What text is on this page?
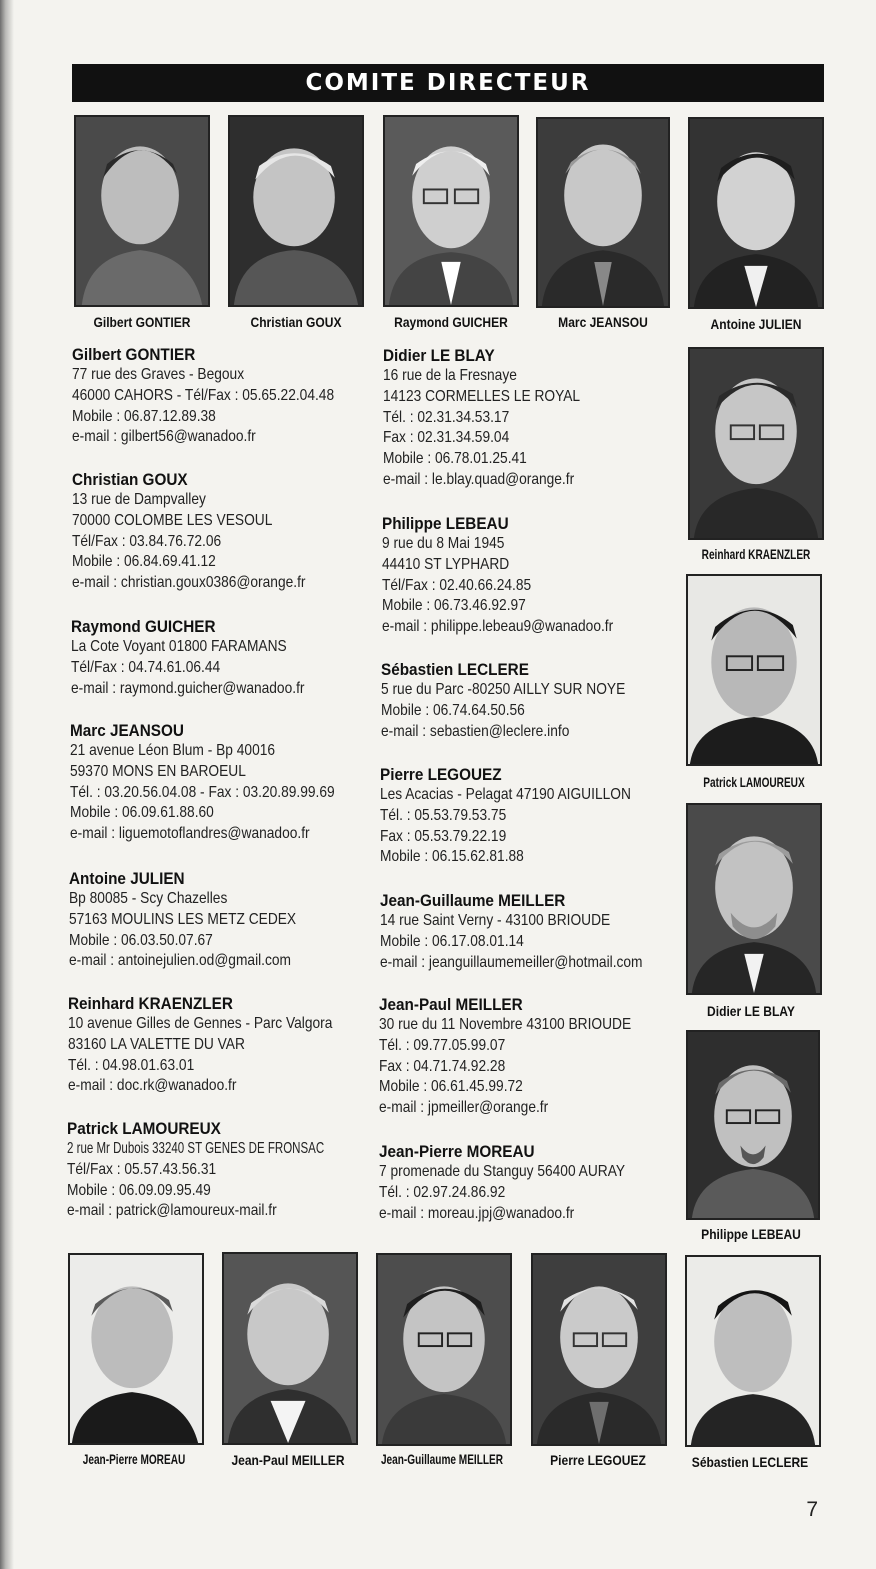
COMITE DIRECTEUR
Gilbert GONTIER	Christian GOUX	Raymond GUICHER	Marc JEANSOU	Antoine JULIEN
Reinhard KRAENZLER
Patrick LAMOUREUX
Didier LE BLAY
Philippe LEBEAU
Gilbert GONTIER
77 rue des Graves - Begoux
46000 CAHORS - Tél/Fax : 05.65.22.04.48
Mobile : 06.87.12.89.38
e-mail : gilbert56@wanadoo.fr
Christian GOUX
13 rue de Dampvalley
70000 COLOMBE LES VESOUL
Tél/Fax : 03.84.76.72.06
Mobile : 06.84.69.41.12
e-mail : christian.goux0386@orange.fr
Raymond GUICHER
La Cote Voyant 01800 FARAMANS
Tél/Fax : 04.74.61.06.44
e-mail : raymond.guicher@wanadoo.fr
Marc JEANSOU
21 avenue Léon Blum - Bp 40016
59370 MONS EN BAROEUL
Tél. : 03.20.56.04.08 - Fax : 03.20.89.99.69
Mobile : 06.09.61.88.60
e-mail : liguemotoflandres@wanadoo.fr
Antoine JULIEN
Bp 80085 - Scy Chazelles
57163 MOULINS LES METZ CEDEX
Mobile : 06.03.50.07.67
e-mail : antoinejulien.od@gmail.com
Reinhard KRAENZLER
10 avenue Gilles de Gennes - Parc Valgora
83160 LA VALETTE DU VAR
Tél. : 04.98.01.63.01
e-mail : doc.rk@wanadoo.fr
Patrick LAMOUREUX
2 rue Mr Dubois 33240 ST GENES DE FRONSAC
Tél/Fax : 05.57.43.56.31
Mobile : 06.09.09.95.49
e-mail : patrick@lamoureux-mail.fr
Didier LE BLAY
16 rue de la Fresnaye
14123 CORMELLES LE ROYAL
Tél. : 02.31.34.53.17
Fax : 02.31.34.59.04
Mobile : 06.78.01.25.41
e-mail : le.blay.quad@orange.fr
Philippe LEBEAU
9 rue du 8 Mai 1945
44410 ST LYPHARD
Tél/Fax : 02.40.66.24.85
Mobile : 06.73.46.92.97
e-mail : philippe.lebeau9@wanadoo.fr
Sébastien LECLERE
5 rue du Parc -80250 AILLY SUR NOYE
Mobile : 06.74.64.50.56
e-mail : sebastien@leclere.info
Pierre LEGOUEZ
Les Acacias - Pelagat 47190 AIGUILLON
Tél. : 05.53.79.53.75
Fax : 05.53.79.22.19
Mobile : 06.15.62.81.88
Jean-Guillaume MEILLER
14 rue Saint Verny - 43100 BRIOUDE
Mobile : 06.17.08.01.14
e-mail : jeanguillaumemeiller@hotmail.com
Jean-Paul MEILLER
30 rue du 11 Novembre 43100 BRIOUDE
Tél. : 09.77.05.99.07
Fax : 04.71.74.92.28
Mobile : 06.61.45.99.72
e-mail : jpmeiller@orange.fr
Jean-Pierre MOREAU
7 promenade du Stanguy 56400 AURAY
Tél. : 02.97.24.86.92
e-mail : moreau.jpj@wanadoo.fr
Jean-Pierre MOREAU	Jean-Paul MEILLER	Jean-Guillaume MEILLER	Pierre LEGOUEZ	Sébastien LECLERE
7
